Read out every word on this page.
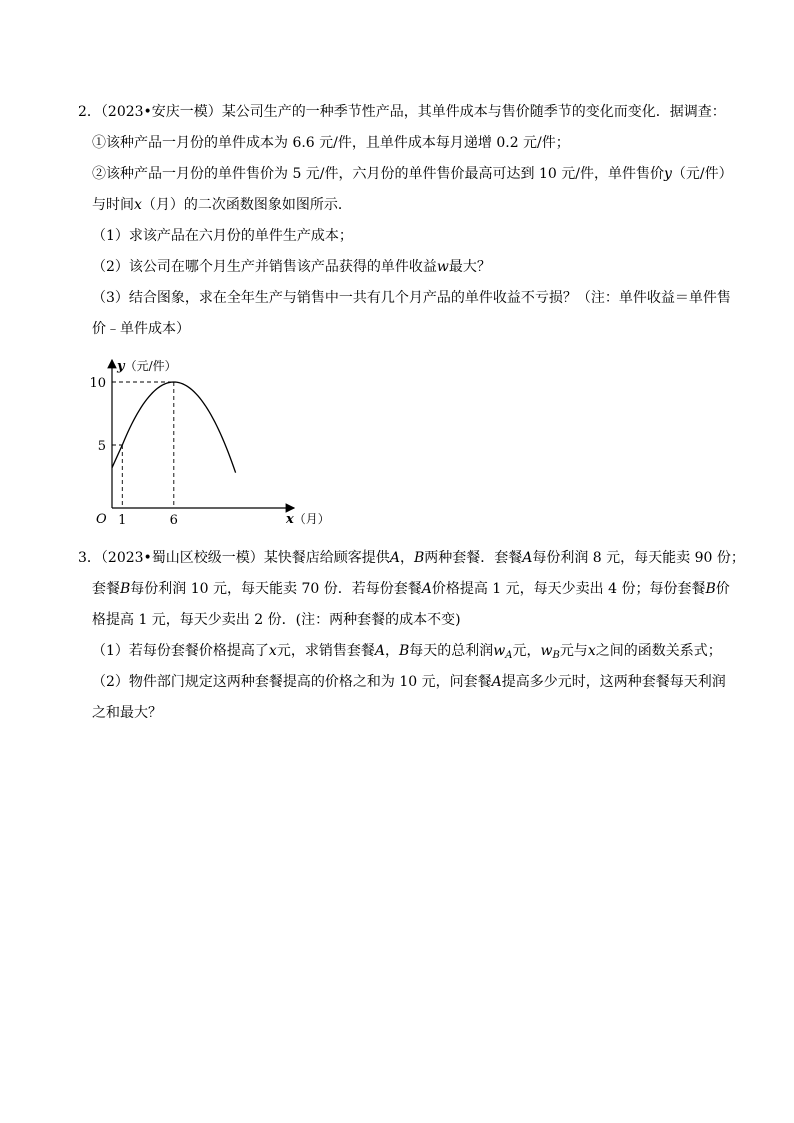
2．（2023•安庆一模）某公司生产的一种季节性产品，其单件成本与售价随季节的变化而变化．据调查：
①该种产品一月份的单件成本为 6.6 元/件，且单件成本每月递增 0.2 元/件；
②该种产品一月份的单件售价为 5 元/件，六月份的单件售价最高可达到 10 元/件，单件售价y（元/件）
与时间x（月）的二次函数图象如图所示．
（1）求该产品在六月份的单件生产成本；
（2）该公司在哪个月生产并销售该产品获得的单件收益w最大？
（3）结合图象，求在全年生产与销售中一共有几个月产品的单件收益不亏损？（注：单件收益＝单件售
价﹣单件成本）
O 1	6
5
10
y（元/件）
x（月）
3．（2023•蜀山区校级一模）某快餐店给顾客提供A，B两种套餐．套餐A每份利润 8 元，每天能卖 90 份；
套餐B每份利润 10 元，每天能卖 70 份．若每份套餐A价格提高 1 元，每天少卖出 4 份；每份套餐B价
格提高 1 元，每天少卖出 2 份．(注：两种套餐的成本不变)
（1）若每份套餐价格提高了x元，求销售套餐A，B每天的总利润$w_A$元，$w_B$元与x之间的函数关系式；
（2）物件部门规定这两种套餐提高的价格之和为 10 元，问套餐A提高多少元时，这两种套餐每天利润
之和最大？
